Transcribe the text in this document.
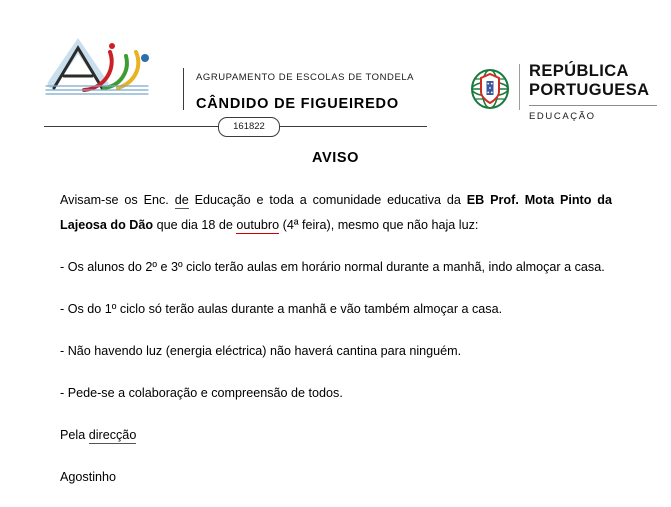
AGRUPAMENTO DE ESCOLAS DE TONDELA
CÂNDIDO DE FIGUEIREDO
161822
REPÚBLICA
PORTUGUESA
EDUCAÇÃO
AVISO
Avisam-se os Enc. de Educação e toda a comunidade educativa da EB Prof. Mota Pinto da Lajeosa do Dão que dia 18 de outubro (4ª feira), mesmo que não haja luz:
- Os alunos do 2º e 3º ciclo terão aulas em horário normal durante a manhã, indo almoçar a casa.
- Os do 1º ciclo só terão aulas durante a manhã e vão também almoçar a casa.
- Não havendo luz (energia eléctrica) não haverá cantina para ninguém.
- Pede-se a colaboração e compreensão de todos.
Pela direcção
Agostinho
